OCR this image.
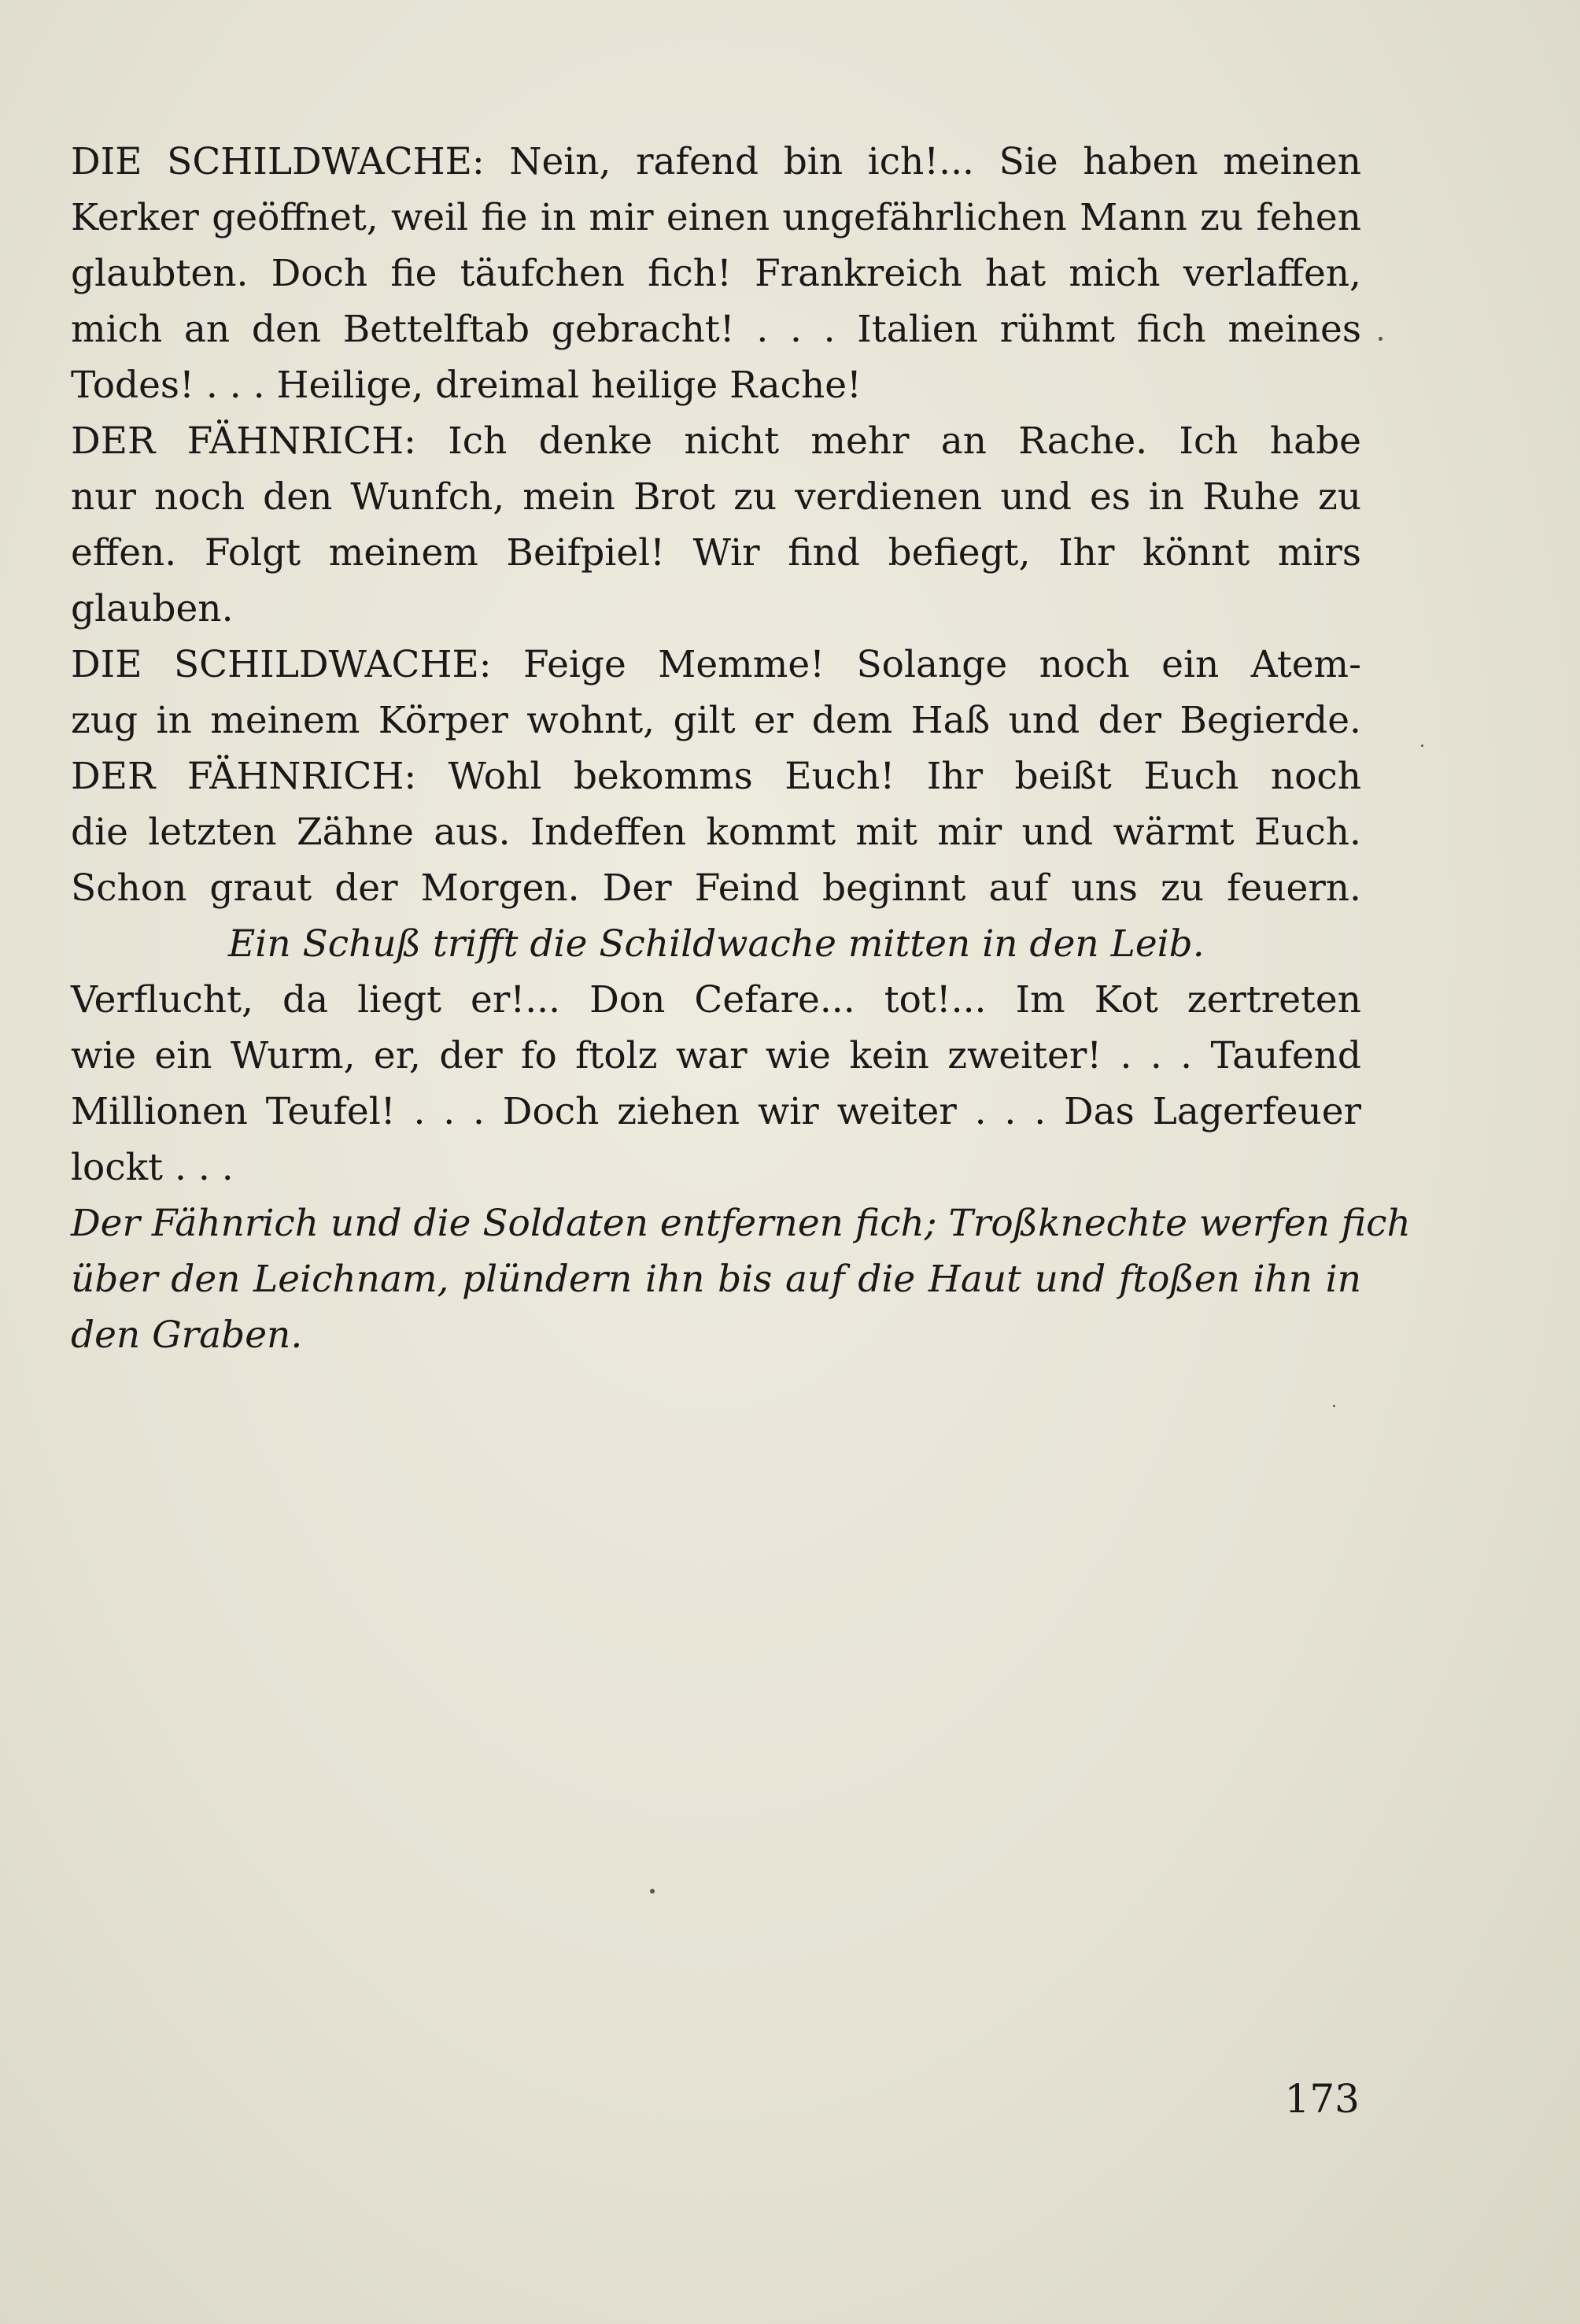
DIE SCHILDWACHE: Nein, rafend bin ich!... Sie haben meinen
Kerker geöffnet, weil fie in mir einen ungefährlichen Mann zu fehen
glaubten. Doch fie täufchen fich! Frankreich hat mich verlaffen,
mich an den Bettelftab gebracht! . . . Italien rühmt fich meines
Todes! . . . Heilige, dreimal heilige Rache!
DER FÄHNRICH: Ich denke nicht mehr an Rache. Ich habe
nur noch den Wunfch, mein Brot zu verdienen und es in Ruhe zu
effen. Folgt meinem Beifpiel! Wir find befiegt, Ihr könnt mirs
glauben.
DIE SCHILDWACHE: Feige Memme! Solange noch ein Atem-
zug in meinem Körper wohnt, gilt er dem Haß und der Begierde.
DER FÄHNRICH: Wohl bekomms Euch! Ihr beißt Euch noch
die letzten Zähne aus. Indeffen kommt mit mir und wärmt Euch.
Schon graut der Morgen. Der Feind beginnt auf uns zu feuern.
Ein Schuß trifft die Schildwache mitten in den Leib.
Verflucht, da liegt er!... Don Cefare... tot!... Im Kot zertreten
wie ein Wurm, er, der fo ftolz war wie kein zweiter! . . . Taufend
Millionen Teufel! . . . Doch ziehen wir weiter . . . Das Lagerfeuer
lockt . . .
Der Fähnrich und die Soldaten entfernen fich; Troßknechte werfen fich
über den Leichnam, plündern ihn bis auf die Haut und ftoßen ihn in
den Graben.
173
